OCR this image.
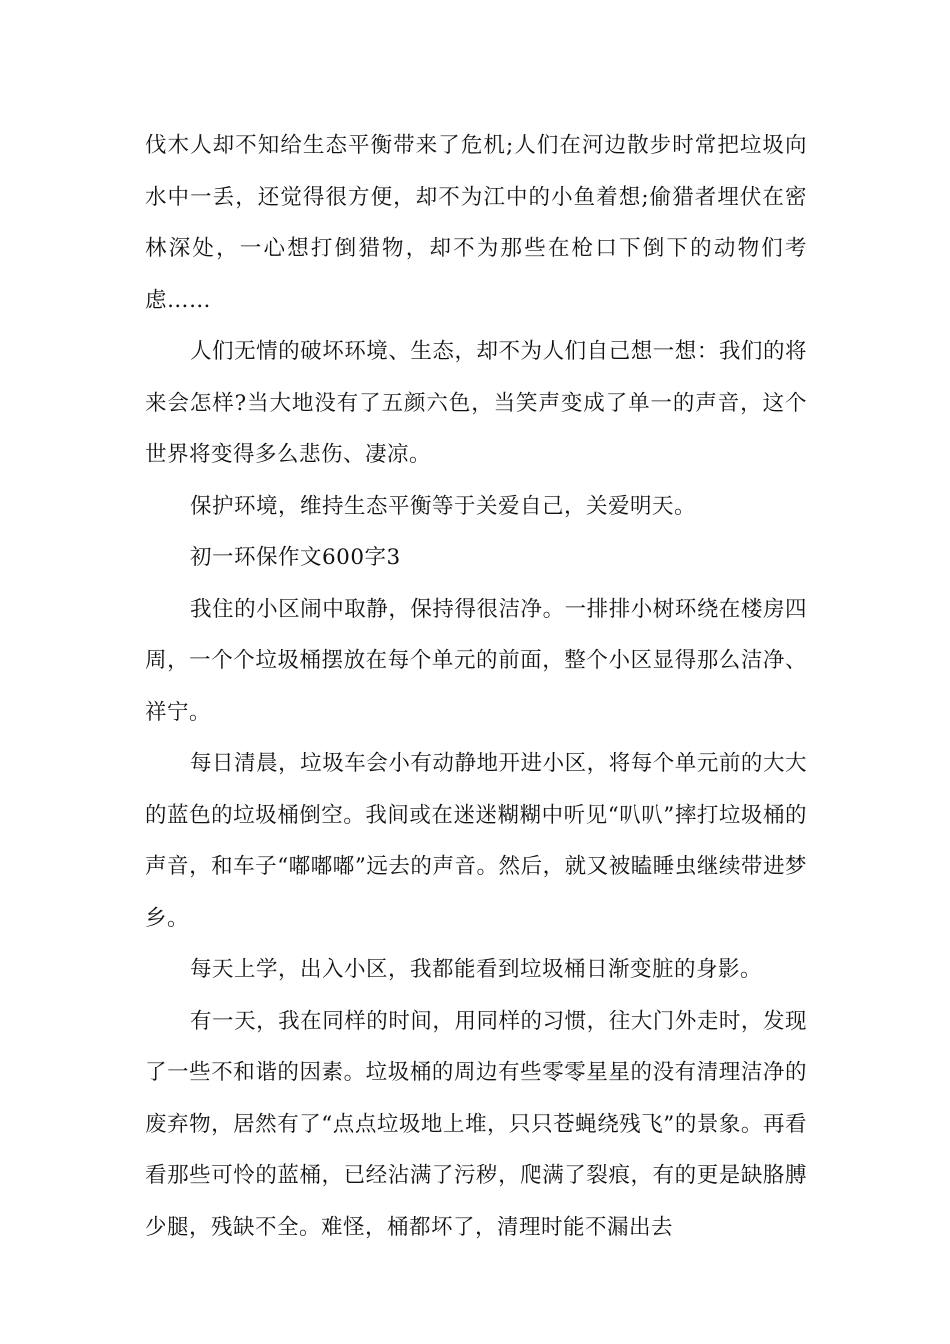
伐木人却不知给生态平衡带来了危机;人们在河边散步时常把垃圾向水中一丢，还觉得很方便，却不为江中的小鱼着想;偷猎者埋伏在密林深处，一心想打倒猎物，却不为那些在枪口下倒下的动物们考虑……

人们无情的破坏环境、生态，却不为人们自己想一想：我们的将来会怎样?当大地没有了五颜六色，当笑声变成了单一的声音，这个世界将变得多么悲伤、凄凉。

保护环境，维持生态平衡等于关爱自己，关爱明天。

初一环保作文600字3

我住的小区闹中取静，保持得很洁净。一排排小树环绕在楼房四周，一个个垃圾桶摆放在每个单元的前面，整个小区显得那么洁净、祥宁。

每日清晨，垃圾车会小有动静地开进小区，将每个单元前的大大的蓝色的垃圾桶倒空。我间或在迷迷糊糊中听见“叭叭”摔打垃圾桶的声音，和车子“嘟嘟嘟”远去的声音。然后，就又被瞌睡虫继续带进梦乡。

每天上学，出入小区，我都能看到垃圾桶日渐变脏的身影。

有一天，我在同样的时间，用同样的习惯，往大门外走时，发现了一些不和谐的因素。垃圾桶的周边有些零零星星的没有清理洁净的废弃物，居然有了“点点垃圾地上堆，只只苍蝇绕残飞”的景象。再看看那些可怜的蓝桶，已经沾满了污秽，爬满了裂痕，有的更是缺胳膊少腿，残缺不全。难怪，桶都坏了，清理时能不漏出去
